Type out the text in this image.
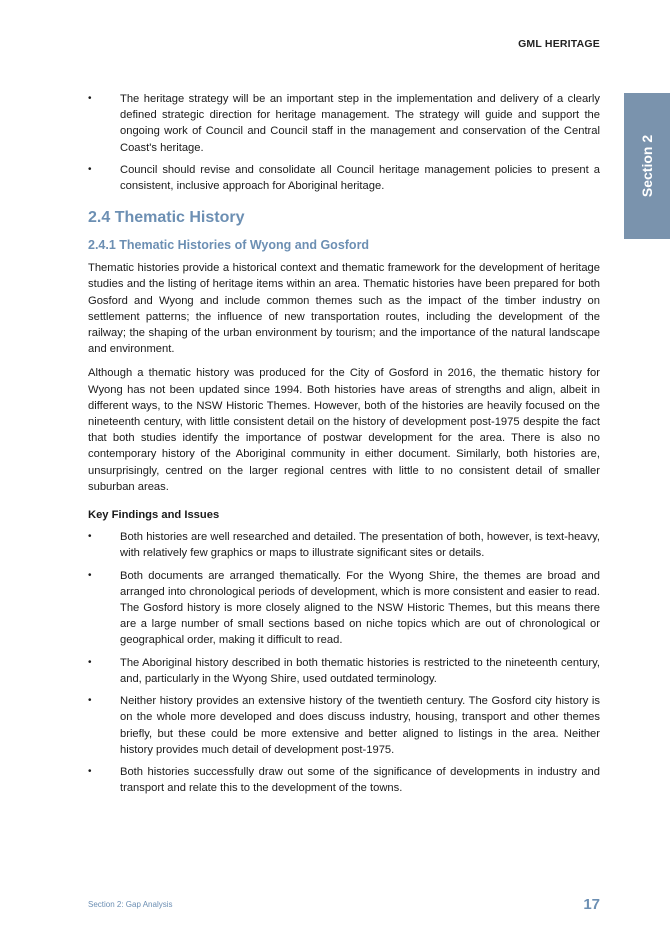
GML HERITAGE
Section 2
• The heritage strategy will be an important step in the implementation and delivery of a clearly defined strategic direction for heritage management. The strategy will guide and support the ongoing work of Council and Council staff in the management and conservation of the Central Coast's heritage.
• Council should revise and consolidate all Council heritage management policies to present a consistent, inclusive approach for Aboriginal heritage.
2.4 Thematic History
2.4.1 Thematic Histories of Wyong and Gosford

Thematic histories provide a historical context and thematic framework for the development of heritage studies and the listing of heritage items within an area. Thematic histories have been prepared for both Gosford and Wyong and include common themes such as the impact of the timber industry on settlement patterns; the influence of new transportation routes, including the development of the railway; the shaping of the urban environment by tourism; and the importance of the natural landscape and environment.

Although a thematic history was produced for the City of Gosford in 2016, the thematic history for Wyong has not been updated since 1994. Both histories have areas of strengths and align, albeit in different ways, to the NSW Historic Themes. However, both of the histories are heavily focused on the nineteenth century, with little consistent detail on the history of development post-1975 despite the fact that both studies identify the importance of postwar development for the area. There is also no contemporary history of the Aboriginal community in either document. Similarly, both histories are, unsurprisingly, centred on the larger regional centres with little to no consistent detail of smaller suburban areas.

Key Findings and Issues
• Both histories are well researched and detailed. The presentation of both, however, is text-heavy, with relatively few graphics or maps to illustrate significant sites or details.
• Both documents are arranged thematically. For the Wyong Shire, the themes are broad and arranged into chronological periods of development, which is more consistent and easier to read. The Gosford history is more closely aligned to the NSW Historic Themes, but this means there are a large number of small sections based on niche topics which are out of chronological or geographical order, making it difficult to read.
• The Aboriginal history described in both thematic histories is restricted to the nineteenth century, and, particularly in the Wyong Shire, used outdated terminology.
• Neither history provides an extensive history of the twentieth century. The Gosford city history is on the whole more developed and does discuss industry, housing, transport and other themes briefly, but these could be more extensive and better aligned to listings in the area. Neither history provides much detail of development post-1975.
• Both histories successfully draw out some of the significance of developments in industry and transport and relate this to the development of the towns.
Section 2: Gap Analysis	17
